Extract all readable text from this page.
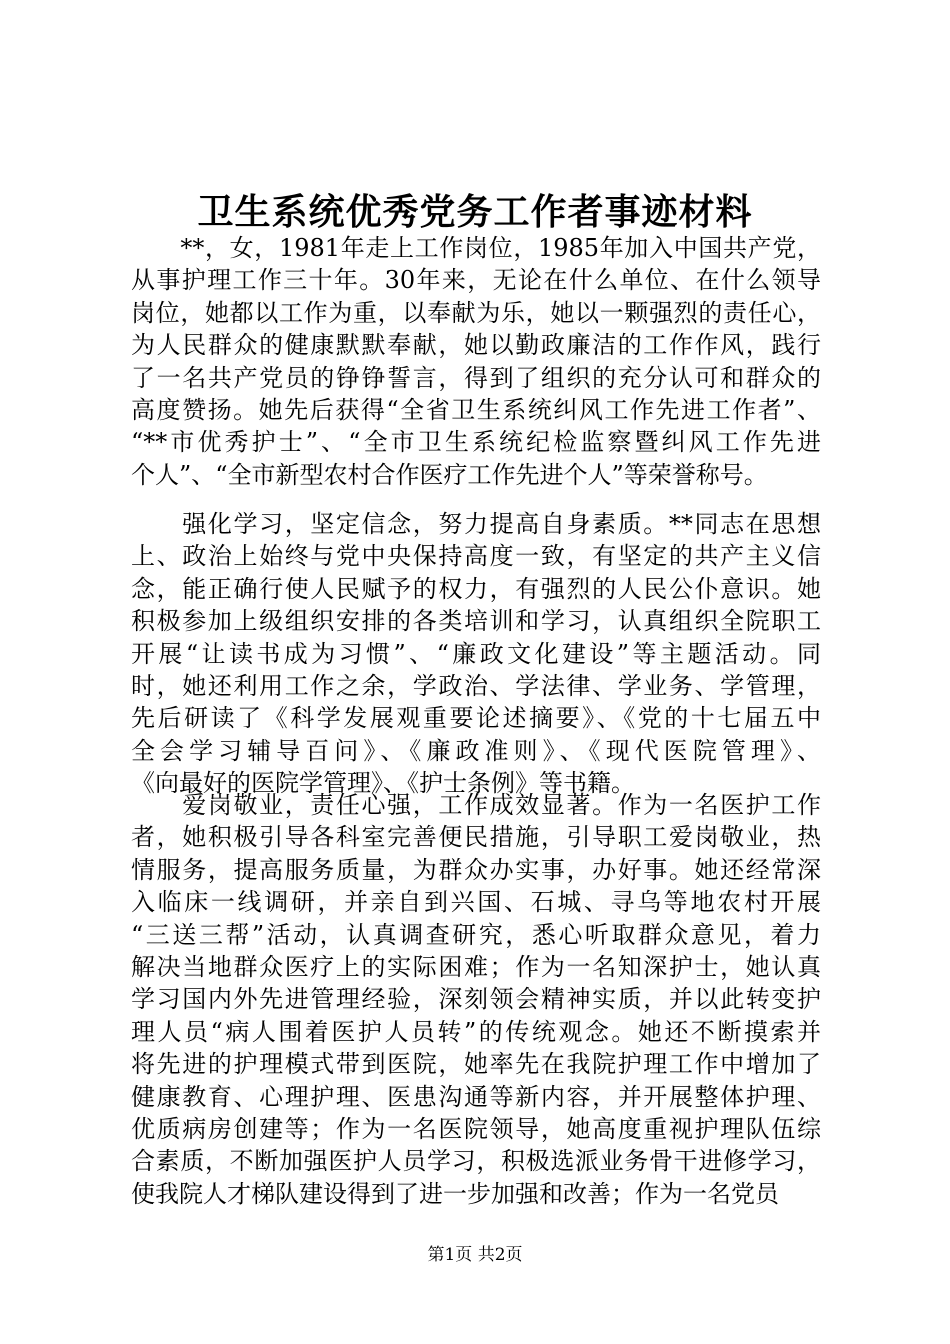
卫生系统优秀党务工作者事迹材料
　　**，女，1981年走上工作岗位，1985年加入中国共产党，
从事护理工作三十年。30年来，无论在什么单位、在什么领导
岗位，她都以工作为重，以奉献为乐，她以一颗强烈的责任心，
为人民群众的健康默默奉献，她以勤政廉洁的工作作风，践行
了一名共产党员的铮铮誓言，得到了组织的充分认可和群众的
高度赞扬。她先后获得“全省卫生系统纠风工作先进工作者”、
“**市优秀护士”、“全市卫生系统纪检监察暨纠风工作先进
个人”、“全市新型农村合作医疗工作先进个人”等荣誉称号。
　　强化学习，坚定信念，努力提高自身素质。**同志在思想
上、政治上始终与党中央保持高度一致，有坚定的共产主义信
念，能正确行使人民赋予的权力，有强烈的人民公仆意识。她
积极参加上级组织安排的各类培训和学习，认真组织全院职工
开展“让读书成为习惯”、“廉政文化建设”等主题活动。同
时，她还利用工作之余，学政治、学法律、学业务、学管理，
先后研读了《科学发展观重要论述摘要》、《党的十七届五中
全会学习辅导百问》、《廉政准则》、《现代医院管理》、
《向最好的医院学管理》、《护士条例》等书籍。
　　爱岗敬业，责任心强，工作成效显著。作为一名医护工作
者，她积极引导各科室完善便民措施，引导职工爱岗敬业，热
情服务，提高服务质量，为群众办实事，办好事。她还经常深
入临床一线调研，并亲自到兴国、石城、寻乌等地农村开展
“三送三帮”活动，认真调查研究，悉心听取群众意见，着力
解决当地群众医疗上的实际困难；作为一名知深护士，她认真
学习国内外先进管理经验，深刻领会精神实质，并以此转变护
理人员“病人围着医护人员转”的传统观念。她还不断摸索并
将先进的护理模式带到医院，她率先在我院护理工作中增加了
健康教育、心理护理、医患沟通等新内容，并开展整体护理、
优质病房创建等；作为一名医院领导，她高度重视护理队伍综
合素质，不断加强医护人员学习，积极选派业务骨干进修学习，
使我院人才梯队建设得到了进一步加强和改善；作为一名党员
第1页 共2页
